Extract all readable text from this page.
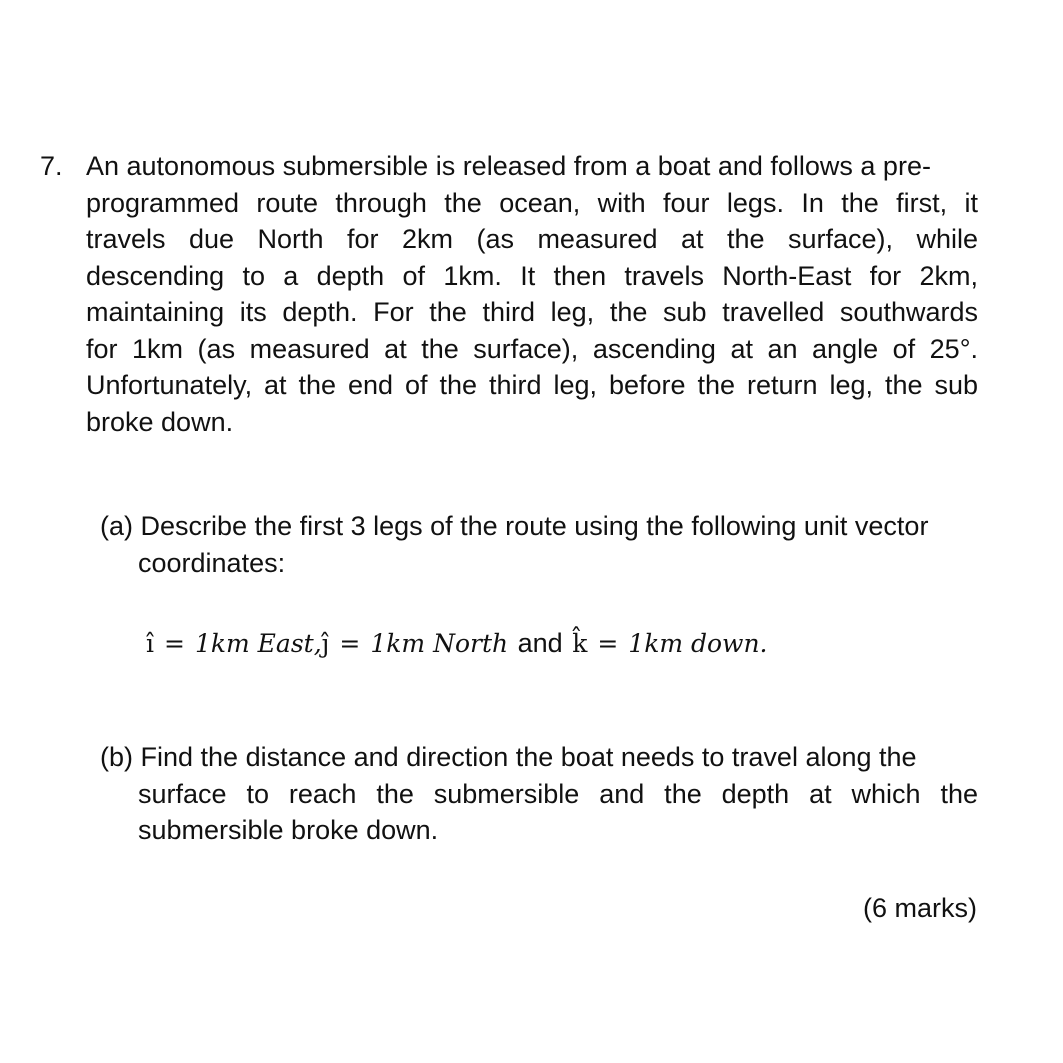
7. An autonomous submersible is released from a boat and follows a pre-
programmed route through the ocean, with four legs. In the first, it
travels due North for 2km (as measured at the surface), while
descending to a depth of 1km. It then travels North-East for 2km,
maintaining its depth. For the third leg, the sub travelled southwards
for 1km (as measured at the surface), ascending at an angle of 25°.
Unfortunately, at the end of the third leg, before the return leg, the sub
broke down.
(a) Describe the first 3 legs of the route using the following unit vector
coordinates:
î = 1km East,ĵ = 1km North and k̂ = 1km down.
(b) Find the distance and direction the boat needs to travel along the
surface to reach the submersible and the depth at which the
submersible broke down.
(6 marks)
